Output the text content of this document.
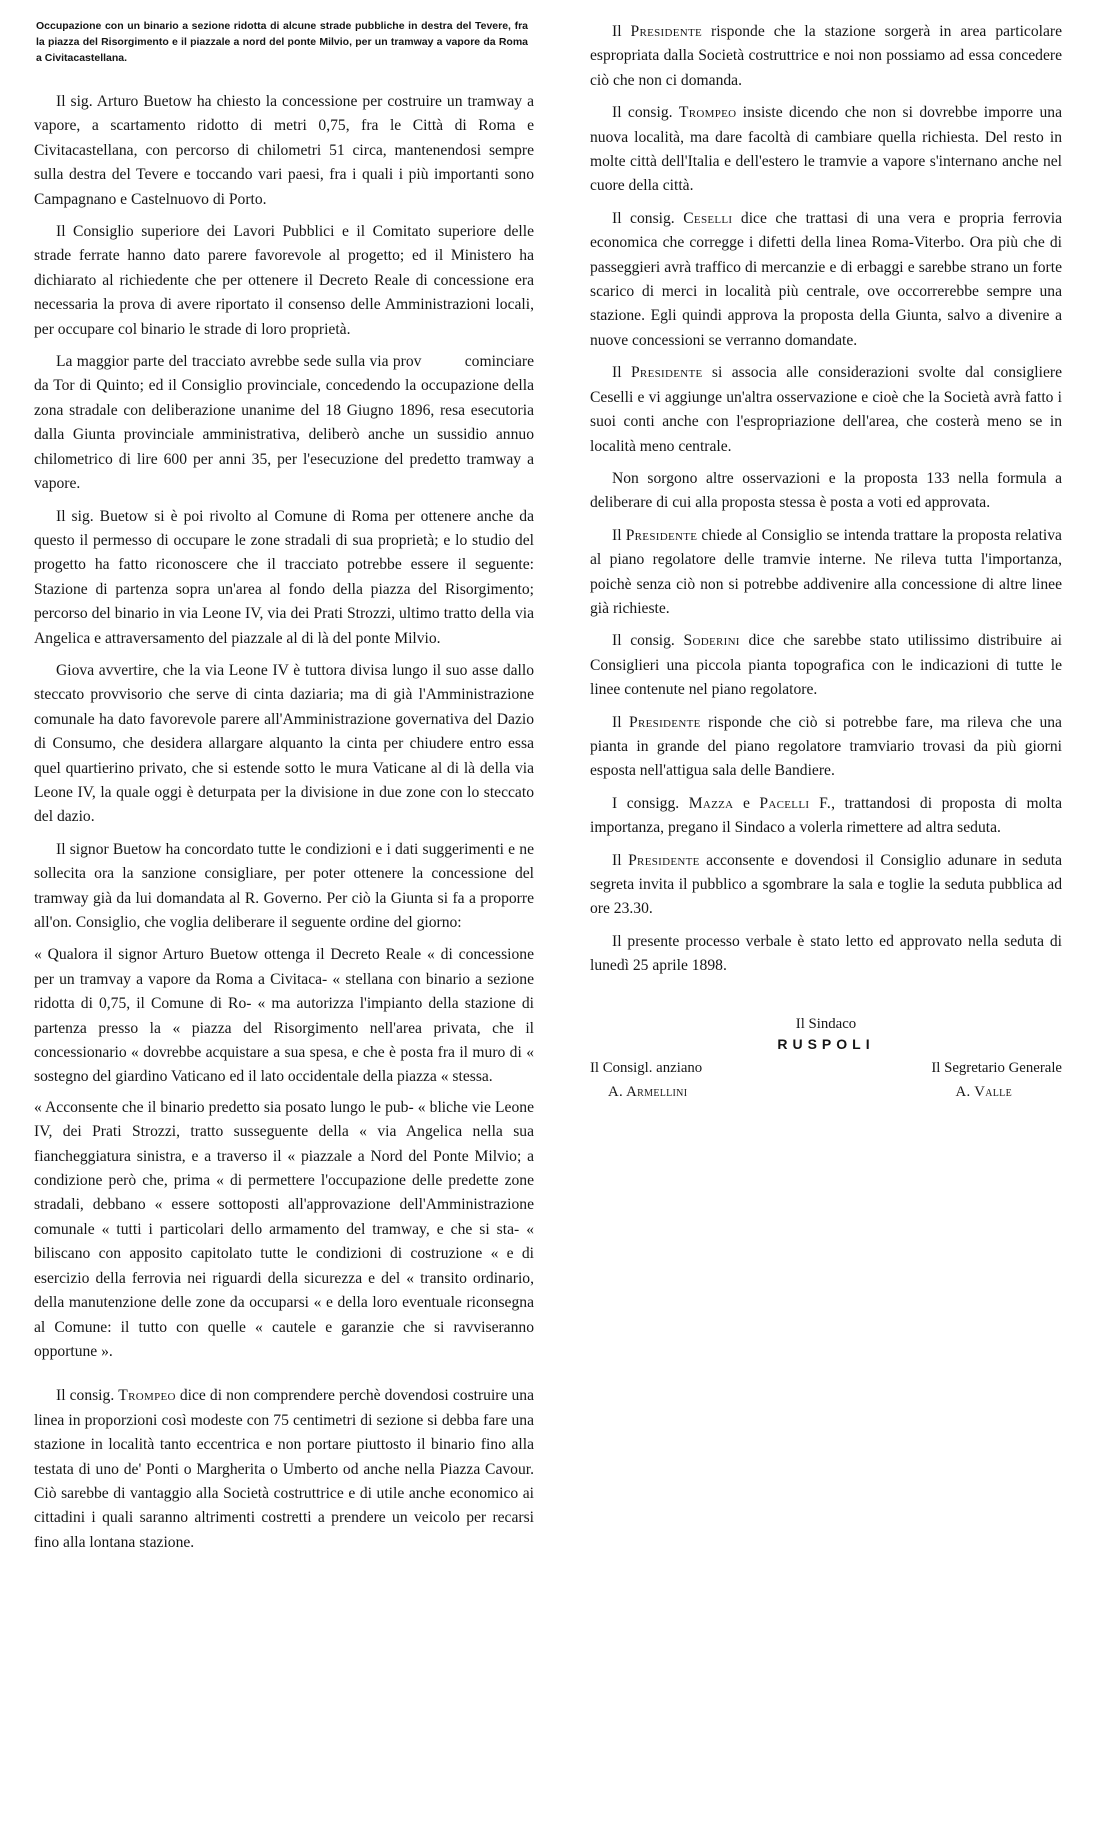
Occupazione con un binario a sezione ridotta di alcune strade pubbliche in destra del Tevere, fra la piazza del Risorgimento e il piazzale a nord del ponte Milvio, per un tramway a vapore da Roma a Civitacastellana.

Il sig. Arturo Buetow ha chiesto la concessione per costruire un tramway a vapore, a scartamento ridotto di metri 0,75, fra le Città di Roma e Civitacastellana, con percorso di chilometri 51 circa, mantenendosi sempre sulla destra del Tevere e toccando vari paesi, fra i quali i più importanti sono Campagnano e Castelnuovo di Porto.

Il Consiglio superiore dei Lavori Pubblici e il Comitato superiore delle strade ferrate hanno dato parere favorevole al progetto; ed il Ministero ha dichiarato al richiedente che per ottenere il Decreto Reale di concessione era necessaria la prova di avere riportato il consenso delle Amministrazioni locali, per occupare col binario le strade di loro proprietà.

La maggior parte del tracciato avrebbe sede sulla via prov          cominciare da Tor di Quinto; ed il Consiglio provinciale, concedendo la occupazione della zona stradale con deliberazione unanime del 18 Giugno 1896, resa esecutoria dalla Giunta provinciale amministrativa, deliberò anche un sussidio annuo chilometrico di lire 600 per anni 35, per l'esecuzione del predetto tramway a vapore.

Il sig. Buetow si è poi rivolto al Comune di Roma per ottenere anche da questo il permesso di occupare le zone stradali di sua proprietà; e lo studio del progetto ha fatto riconoscere che il tracciato potrebbe essere il seguente: Stazione di partenza sopra un'area al fondo della piazza del Risorgimento; percorso del binario in via Leone IV, via dei Prati Strozzi, ultimo tratto della via Angelica e attraversamento del piazzale al di là del ponte Milvio.

Giova avvertire, che la via Leone IV è tuttora divisa lungo il suo asse dallo steccato provvisorio che serve di cinta daziaria; ma di già l'Amministrazione comunale ha dato favorevole parere all'Amministrazione governativa del Dazio di Consumo, che desidera allargare alquanto la cinta per chiudere entro essa quel quartierino privato, che si estende sotto le mura Vaticane al di là della via Leone IV, la quale oggi è deturpata per la divisione in due zone con lo steccato del dazio.

Il signor Buetow ha concordato tutte le condizioni e i dati suggerimenti e ne sollecita ora la sanzione consigliare, per poter ottenere la concessione del tramway già da lui domandata al R. Governo. Per ciò la Giunta si fa a proporre all'on. Consiglio, che voglia deliberare il seguente ordine del giorno:

« Qualora il signor Arturo Buetow ottenga il Decreto Reale « di concessione per un tramvay a vapore da Roma a Civitaca- « stellana con binario a sezione ridotta di 0,75, il Comune di Ro- « ma autorizza l'impianto della stazione di partenza presso la « piazza del Risorgimento nell'area privata, che il concessionario « dovrebbe acquistare a sua spesa, e che è posta fra il muro di « sostegno del giardino Vaticano ed il lato occidentale della piazza « stessa.

« Acconsente che il binario predetto sia posato lungo le pub- « bliche vie Leone IV, dei Prati Strozzi, tratto susseguente della « via Angelica nella sua fiancheggiatura sinistra, e a traverso il « piazzale a Nord del Ponte Milvio; a condizione però che, prima « di permettere l'occupazione delle predette zone stradali, debbano « essere sottoposti all'approvazione dell'Amministrazione comunale « tutti i particolari dello armamento del tramway, e che si sta- « biliscano con apposito capitolato tutte le condizioni di costruzione « e di esercizio della ferrovia nei riguardi della sicurezza e del « transito ordinario, della manutenzione delle zone da occuparsi « e della loro eventuale riconsegna al Comune: il tutto con quelle « cautele e garanzie che si ravviseranno opportune ».

Il consig. Trompeo dice di non comprendere perchè dovendosi costruire una linea in proporzioni così modeste con 75 centimetri di sezione si debba fare una stazione in località tanto eccentrica e non portare piuttosto il binario fino alla testata di uno de' Ponti o Margherita o Umberto od anche nella Piazza Cavour. Ciò sarebbe di vantaggio alla Società costruttrice e di utile anche economico ai cittadini i quali saranno altrimenti costretti a prendere un veicolo per recarsi fino alla lontana stazione.

Il Presidente risponde che la stazione sorgerà in area particolare espropriata dalla Società costruttrice e noi non possiamo ad essa concedere ciò che non ci domanda.

Il consig. Trompeo insiste dicendo che non si dovrebbe imporre una nuova località, ma dare facoltà di cambiare quella richiesta. Del resto in molte città dell'Italia e dell'estero le tramvie a vapore s'internano anche nel cuore della città.

Il consig. Ceselli dice che trattasi di una vera e propria ferrovia economica che corregge i difetti della linea Roma-Viterbo. Ora più che di passeggieri avrà traffico di mercanzie e di erbaggi e sarebbe strano un forte scarico di merci in località più centrale, ove occorrerebbe sempre una stazione. Egli quindi approva la proposta della Giunta, salvo a divenire a nuove concessioni se verranno domandate.

Il Presidente si associa alle considerazioni svolte dal consigliere Ceselli e vi aggiunge un'altra osservazione e cioè che la Società avrà fatto i suoi conti anche con l'espropriazione dell'area, che costerà meno se in località meno centrale.

Non sorgono altre osservazioni e la proposta 133 nella formula a deliberare di cui alla proposta stessa è posta a voti ed approvata.

Il Presidente chiede al Consiglio se intenda trattare la proposta relativa al piano regolatore delle tramvie interne. Ne rileva tutta l'importanza, poichè senza ciò non si potrebbe addivenire alla concessione di altre linee già richieste.

Il consig. Soderini dice che sarebbe stato utilissimo distribuire ai Consiglieri una piccola pianta topografica con le indicazioni di tutte le linee contenute nel piano regolatore.

Il Presidente risponde che ciò si potrebbe fare, ma rileva che una pianta in grande del piano regolatore tramviario trovasi da più giorni esposta nell'attigua sala delle Bandiere.

I consigg. Mazza e Pacelli F., trattandosi di proposta di molta importanza, pregano il Sindaco a volerla rimettere ad altra seduta.

Il Presidente acconsente e dovendosi il Consiglio adunare in seduta segreta invita il pubblico a sgombrare la sala e toglie la seduta pubblica ad ore 23.30.

Il presente processo verbale è stato letto ed approvato nella seduta di lunedì 25 aprile 1898.

Il Sindaco
RUSPOLI
Il Consigl. anziano
A. Armellini
Il Segretario Generale
A. Valle
